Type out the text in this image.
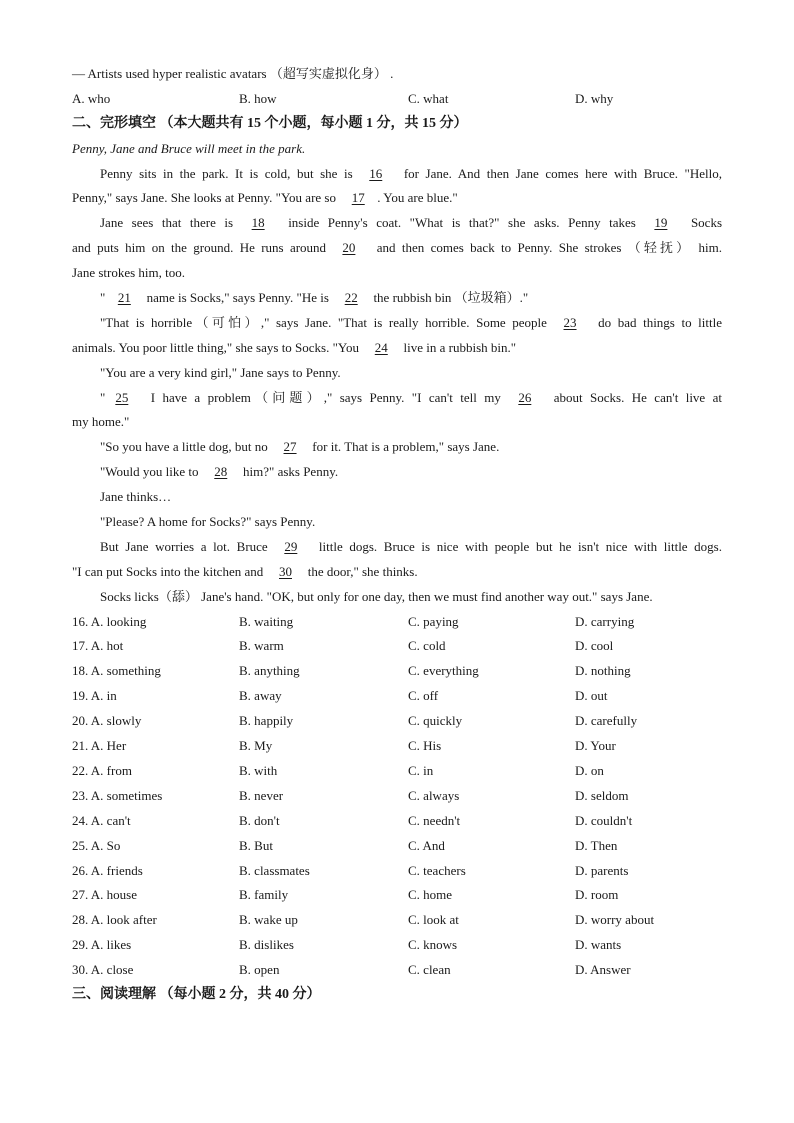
— Artists used hyper realistic avatars （超写实虚拟化身） .
A. who	B. how	C. what	D. why
二、完形填空 （本大题共有 15 个小题，每小题 1 分，共 15 分）
Penny, Jane and Bruce will meet in the park.
Penny sits in the park. It is cold, but she is 16 for Jane. And then Jane comes here with Bruce. "Hello,
Penny," says Jane. She looks at Penny. "You are so 17 . You are blue."
Jane sees that there is 18 inside Penny's coat. "What is that?" she asks. Penny takes 19 Socks
and puts him on the ground. He runs around 20 and then comes back to Penny. She strokes （轻抚） him.
Jane strokes him, too.
" 21 name is Socks," says Penny. "He is 22 the rubbish bin （垃圾箱）."
"That is horrible（可怕）," says Jane. "That is really horrible. Some people 23 do bad things to little
animals. You poor little thing," she says to Socks. "You 24 live in a rubbish bin."
"You are a very kind girl," Jane says to Penny.
" 25 I have a problem（问题）," says Penny. "I can't tell my 26 about Socks. He can't live at
my home."
"So you have a little dog, but no 27 for it. That is a problem," says Jane.
"Would you like to 28 him?" asks Penny.
Jane thinks…
"Please? A home for Socks?" says Penny.
But Jane worries a lot. Bruce 29 little dogs. Bruce is nice with people but he isn't nice with little dogs.
"I can put Socks into the kitchen and 30 the door," she thinks.
Socks licks（舔） Jane's hand. "OK, but only for one day, then we must find another way out." says Jane.
16. A. looking	B. waiting	C. paying	D. carrying
17. A. hot	B. warm	C. cold	D. cool
18. A. something	B. anything	C. everything	D. nothing
19. A. in	B. away	C. off	D. out
20. A. slowly	B. happily	C. quickly	D. carefully
21. A. Her	B. My	C. His	D. Your
22. A. from	B. with	C. in	D. on
23. A. sometimes	B. never	C. always	D. seldom
24. A. can't	B. don't	C. needn't	D. couldn't
25. A. So	B. But	C. And	D. Then
26. A. friends	B. classmates	C. teachers	D. parents
27. A. house	B. family	C. home	D. room
28. A. look after	B. wake up	C. look at	D. worry about
29. A. likes	B. dislikes	C. knows	D. wants
30. A. close	B. open	C. clean	D. Answer
三、阅读理解 （每小题 2 分，共 40 分）
